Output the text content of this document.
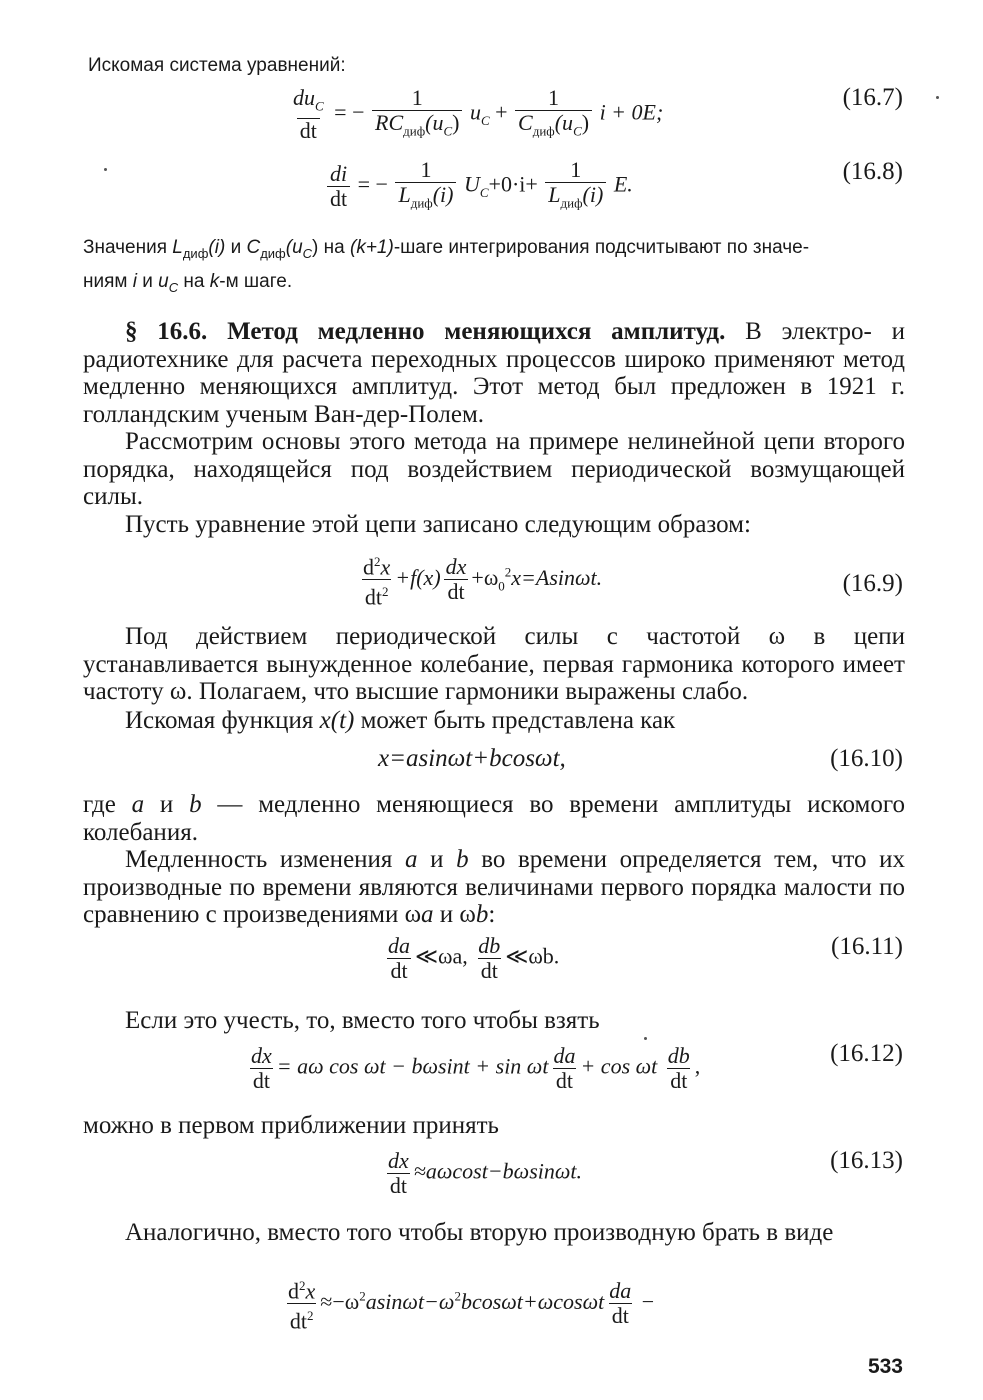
Искомая система уравнений:
$\frac{du_C}{dt}$ = − $\frac{1}{RC_{диф}(u_C)} u_C + \frac{1}{C_{диф}(u_C)}$ i + 0E;
(16.7)
$\frac{di}{dt}$ = − $\frac{1}{L_{диф}(i)} U_C+0\cdot i+ \frac{1}{L_{диф}(i)} E$.	(16.8)
Значения $L_{диф}(i)$ и $C_{диф}(u_C)$ на (k+1)-шаге интегрирования подсчитывают по значе-
ниям i и $u_C$ на k-м шаге.

§ 16.6. Метод медленно меняющихся амплитуд. В электро- и радиотехнике для расчета переходных процессов широко применяют метод медленно меняющихся амплитуд. Этот метод был предложен в 1921 г. голландским ученым Ван-дер-Полем.

Рассмотрим основы этого метода на примере нелинейной цепи второго порядка, находящейся под воздействием периодической возмущающей силы.

Пусть уравнение этой цепи записано следующим образом:

$\frac{d^2x}{dt^2} +f(x) \frac{dx}{dt} +\omega_0^2x=Asin\omega t$.	(16.9)

Под действием периодической силы с частотой ω в цепи устанавливается вынужденное колебание, первая гармоника которого имеет частоту ω. Полагаем, что высшие гармоники выражены слабо.

Искомая функция x(t) может быть представлена как

x=asinωt+bcosωt,	(16.10)

где a и b — медленно меняющиеся во времени амплитуды искомого колебания.

Медленность изменения a и b во времени определяется тем, что их производные по времени являются величинами первого порядка малости по сравнению с произведениями ωa и ωb:

$\frac{da}{dt}$ ≪ωa, $\frac{db}{dt}$ ≪ωb.	(16.11)

Если это учесть, то, вместо того чтобы взять

$\frac{dx}{dt} = a\omega$ cos ωt − bωsint + sin ωt $\frac{da}{dt} + \cos \omega t \frac{db}{dt}$ ,	(16.12)

можно в первом приближении принять

$\frac{dx}{dt} \approx a\omega\cos t-b\omega\sin\omega t$.	(16.13)

Аналогично, вместо того чтобы вторую производную брать в виде

$\frac{d^2x}{dt^2} \approx-\omega^2asin\omega t-\omega^2bcos\omega t+\omega\cos\omega t \frac{da}{dt}$ −
533
